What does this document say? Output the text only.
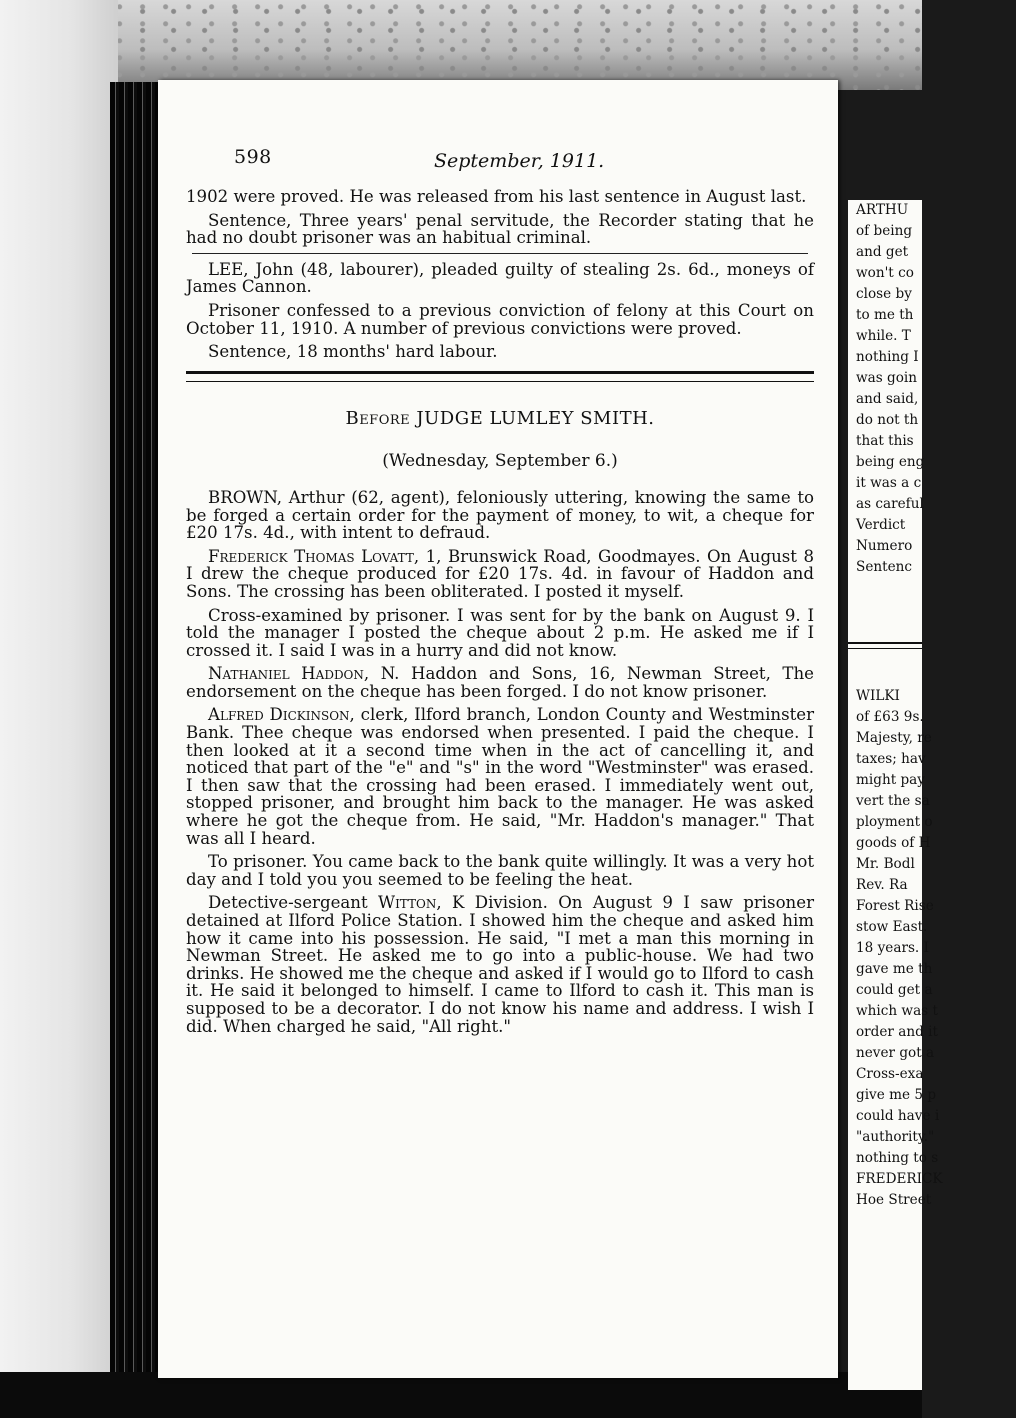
598	September, 1911.

1902 were proved. He was released from his last sentence in August last.

Sentence, Three years' penal servitude, the Recorder stating that he had no doubt prisoner was an habitual criminal.

LEE, John (48, labourer), pleaded guilty of stealing 2s. 6d., moneys of James Cannon.

Prisoner confessed to a previous conviction of felony at this Court on October 11, 1910. A number of previous convictions were proved.

Sentence, 18 months' hard labour.

Before JUDGE LUMLEY SMITH.
(Wednesday, September 6.)

BROWN, Arthur (62, agent), feloniously uttering, knowing the same to be forged a certain order for the payment of money, to wit, a cheque for £20 17s. 4d., with intent to defraud.

Frederick Thomas Lovatt, 1, Brunswick Road, Goodmayes. On August 8 I drew the cheque produced for £20 17s. 4d. in favour of Haddon and Sons. The crossing has been obliterated. I posted it myself.

Cross-examined by prisoner. I was sent for by the bank on August 9. I told the manager I posted the cheque about 2 p.m. He asked me if I crossed it. I said I was in a hurry and did not know.

Nathaniel Haddon, N. Haddon and Sons, 16, Newman Street, The endorsement on the cheque has been forged. I do not know prisoner.

Alfred Dickinson, clerk, Ilford branch, London County and Westminster Bank. Thee cheque was endorsed when presented. I paid the cheque. I then looked at it a second time when in the act of cancelling it, and noticed that part of the "e" and "s" in the word "Westminster" was erased. I then saw that the crossing had been erased. I immediately went out, stopped prisoner, and brought him back to the manager. He was asked where he got the cheque from. He said, "Mr. Haddon's manager." That was all I heard.

To prisoner. You came back to the bank quite willingly. It was a very hot day and I told you you seemed to be feeling the heat.

Detective-sergeant Witton, K Division. On August 9 I saw prisoner detained at Ilford Police Station. I showed him the cheque and asked him how it came into his possession. He said, "I met a man this morning in Newman Street. He asked me to go into a public-house. We had two drinks. He showed me the cheque and asked if I would go to Ilford to cash it. He said it belonged to himself. I came to Ilford to cash it. This man is supposed to be a decorator. I do not know his name and address. I wish I did. When charged he said, "All right."

ARTHU
of being
and get
won't co
close by
to me th
while. T
nothing I
was goin
and said,
do not th
that this
being eng
it was a c
as careful
Verdict
Numero
Sentenc
WILKI
of £63 9s.
Majesty, re
taxes; hav
might pay
vert the sa
ployment o
goods of H
Mr. Bodl
Rev. Ra
Forest Rise
stow East.
18 years. I
gave me th
could get a
which was t
order and it
never got a
Cross-exa
give me 5 p
could have i
"authority."
nothing to s
FREDERICK
Hoe Street
